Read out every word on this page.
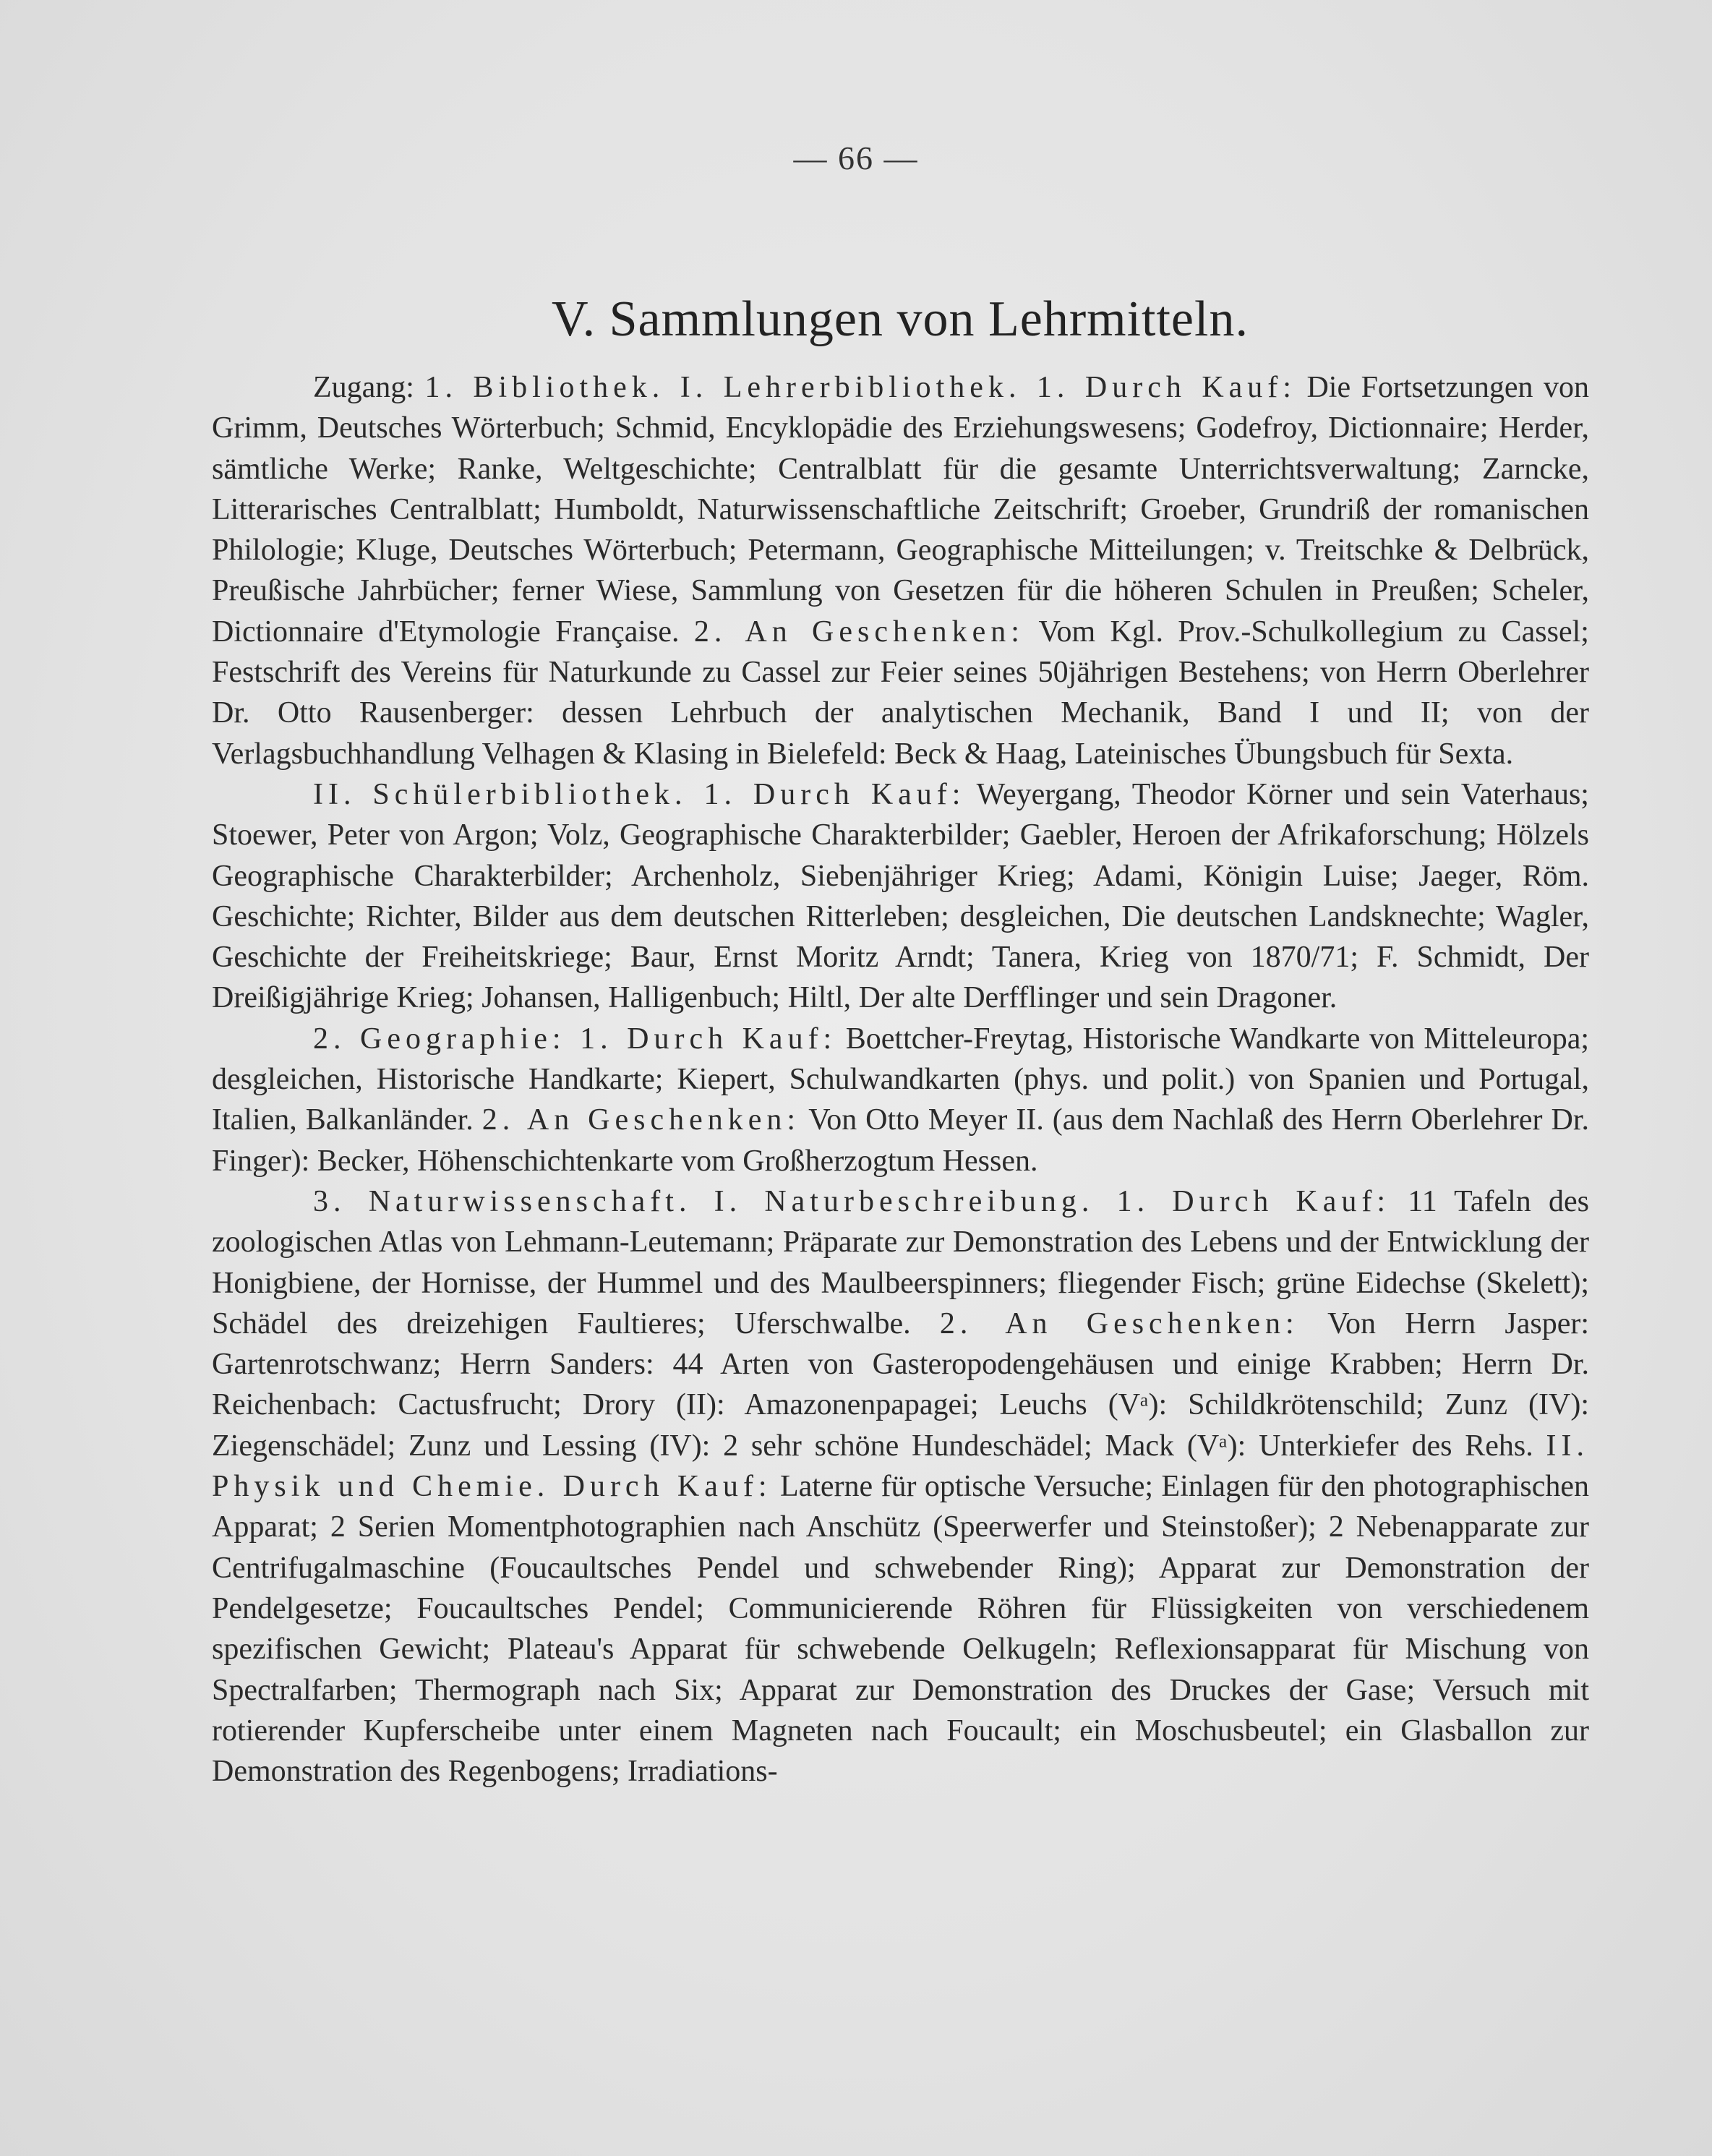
— 66 —
V. Sammlungen von Lehrmitteln.

Zugang: 1. Bibliothek. I. Lehrerbibliothek. 1. Durch Kauf: Die Fortsetzungen von Grimm, Deutsches Wörterbuch; Schmid, Encyklopädie des Erziehungswesens; Godefroy, Dictionnaire; Herder, sämtliche Werke; Ranke, Weltgeschichte; Centralblatt für die gesamte Unterrichtsverwaltung; Zarncke, Litterarisches Centralblatt; Humboldt, Naturwissenschaftliche Zeitschrift; Groeber, Grundriß der romanischen Philologie; Kluge, Deutsches Wörterbuch; Petermann, Geographische Mitteilungen; v. Treitschke & Delbrück, Preußische Jahrbücher; ferner Wiese, Sammlung von Gesetzen für die höheren Schulen in Preußen; Scheler, Dictionnaire d'Etymologie Française. 2. An Geschenken: Vom Kgl. Prov.-Schulkollegium zu Cassel; Festschrift des Vereins für Naturkunde zu Cassel zur Feier seines 50jährigen Bestehens; von Herrn Oberlehrer Dr. Otto Rausenberger: dessen Lehrbuch der analytischen Mechanik, Band I und II; von der Verlagsbuchhandlung Velhagen & Klasing in Bielefeld: Beck & Haag, Lateinisches Übungsbuch für Sexta.

II. Schülerbibliothek. 1. Durch Kauf: Weyergang, Theodor Körner und sein Vaterhaus; Stoewer, Peter von Argon; Volz, Geographische Charakterbilder; Gaebler, Heroen der Afrikaforschung; Hölzels Geographische Charakterbilder; Archenholz, Siebenjähriger Krieg; Adami, Königin Luise; Jaeger, Röm. Geschichte; Richter, Bilder aus dem deutschen Ritterleben; desgleichen, Die deutschen Landsknechte; Wagler, Geschichte der Freiheitskriege; Baur, Ernst Moritz Arndt; Tanera, Krieg von 1870/71; F. Schmidt, Der Dreißigjährige Krieg; Johansen, Halligenbuch; Hiltl, Der alte Derfflinger und sein Dragoner.

2. Geographie: 1. Durch Kauf: Boettcher-Freytag, Historische Wandkarte von Mitteleuropa; desgleichen, Historische Handkarte; Kiepert, Schulwandkarten (phys. und polit.) von Spanien und Portugal, Italien, Balkanländer. 2. An Geschenken: Von Otto Meyer II. (aus dem Nachlaß des Herrn Oberlehrer Dr. Finger): Becker, Höhenschichtenkarte vom Großherzogtum Hessen.

3. Naturwissenschaft. I. Naturbeschreibung. 1. Durch Kauf: 11 Tafeln des zoologischen Atlas von Lehmann-Leutemann; Präparate zur Demonstration des Lebens und der Entwicklung der Honigbiene, der Hornisse, der Hummel und des Maulbeerspinners; fliegender Fisch; grüne Eidechse (Skelett); Schädel des dreizehigen Faultieres; Uferschwalbe. 2. An Geschenken: Von Herrn Jasper: Gartenrotschwanz; Herrn Sanders: 44 Arten von Gasteropodengehäusen und einige Krabben; Herrn Dr. Reichenbach: Cactusfrucht; Drory (II): Amazonenpapagei; Leuchs (Vᵃ): Schildkrötenschild; Zunz (IV): Ziegenschädel; Zunz und Lessing (IV): 2 sehr schöne Hundeschädel; Mack (Vᵃ): Unterkiefer des Rehs. II. Physik und Chemie. Durch Kauf: Laterne für optische Versuche; Einlagen für den photographischen Apparat; 2 Serien Momentphotographien nach Anschütz (Speerwerfer und Steinstoßer); 2 Nebenapparate zur Centrifugalmaschine (Foucaultsches Pendel und schwebender Ring); Apparat zur Demonstration der Pendelgesetze; Foucaultsches Pendel; Communicierende Röhren für Flüssigkeiten von verschiedenem spezifischen Gewicht; Plateau's Apparat für schwebende Oelkugeln; Reflexionsapparat für Mischung von Spectralfarben; Thermograph nach Six; Apparat zur Demonstration des Druckes der Gase; Versuch mit rotierender Kupferscheibe unter einem Magneten nach Foucault; ein Moschusbeutel; ein Glasballon zur Demonstration des Regenbogens; Irradiations-
